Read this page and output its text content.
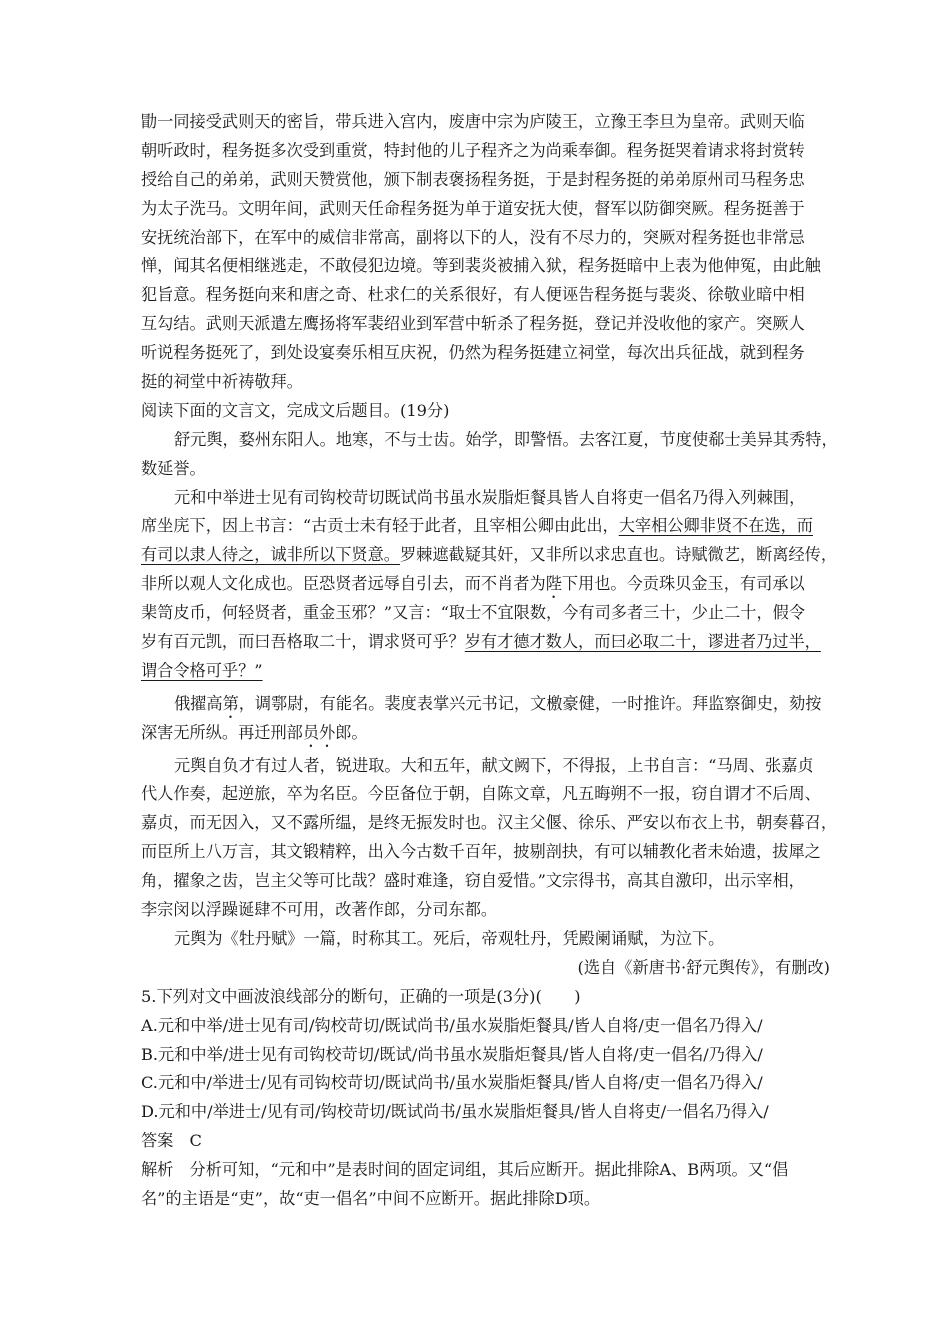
勖一同接受武则天的密旨，带兵进入宫内，废唐中宗为庐陵王，立豫王李旦为皇帝。武则天临
朝听政时，程务挺多次受到重赏，特封他的儿子程齐之为尚乘奉御。程务挺哭着请求将封赏转
授给自己的弟弟，武则天赞赏他，颁下制表褒扬程务挺，于是封程务挺的弟弟原州司马程务忠
为太子洗马。文明年间，武则天任命程务挺为单于道安抚大使，督军以防御突厥。程务挺善于
安抚统治部下，在军中的威信非常高，副将以下的人，没有不尽力的，突厥对程务挺也非常忌
惮，闻其名便相继逃走，不敢侵犯边境。等到裴炎被捕入狱，程务挺暗中上表为他伸冤，由此触
犯旨意。程务挺向来和唐之奇、杜求仁的关系很好，有人便诬告程务挺与裴炎、徐敬业暗中相
互勾结。武则天派遣左鹰扬将军裴绍业到军营中斩杀了程务挺，登记并没收他的家产。突厥人
听说程务挺死了，到处设宴奏乐相互庆祝，仍然为程务挺建立祠堂，每次出兵征战，就到程务
挺的祠堂中祈祷敬拜。
阅读下面的文言文，完成文后题目。(19分)
舒元舆，婺州东阳人。地寒，不与士齿。始学，即警悟。去客江夏，节度使郗士美异其秀特，
数延誉。
元和中举进士见有司钩校苛切既试尚书虽水炭脂炬餐具皆人自将吏一倡名乃得入列棘围，
席坐庑下，因上书言：“古贡士未有轻于此者，且宰相公卿由此出，大宰相公卿非贤不在选，而
有司以隶人待之，诚非所以下贤意。罗棘遮截疑其奸，又非所以求忠直也。诗赋微艺，断离经传，
非所以观人文化成也。臣恐贤者远辱自引去，而不肖者为陛下用也。今贡珠贝金玉，有司承以
棐笥皮币，何轻贤者，重金玉邪？”又言：“取士不宜限数，今有司多者三十，少止二十，假令
岁有百元凯，而曰吾格取二十，谓求贤可乎？岁有才德才数人，而曰必取二十，谬进者乃过半，
谓合令格可乎？”
俄擢高第，调鄠尉，有能名。裴度表掌兴元书记，文檄豪健，一时推许。拜监察御史，劾按
深害无所纵。再迁刑部员外郎。
元舆自负才有过人者，锐进取。大和五年，献文阙下，不得报，上书自言：“马周、张嘉贞
代人作奏，起逆旅，卒为名臣。今臣备位于朝，自陈文章，凡五晦朔不一报，窃自谓才不后周、
嘉贞，而无因入，又不露所缊，是终无振发时也。汉主父偃、徐乐、严安以布衣上书，朝奏暮召，
而臣所上八万言，其文锻精粹，出入今古数千百年，披剔剖抉，有可以辅教化者未始遗，拔犀之
角，擢象之齿，岂主父等可比哉？盛时难逢，窃自爱惜。”文宗得书，高其自激印，出示宰相，
李宗闵以浮躁诞肆不可用，改著作郎，分司东都。
元舆为《牡丹赋》一篇，时称其工。死后，帝观牡丹，凭殿阑诵赋，为泣下。
(选自《新唐书·舒元舆传》，有删改)
5.下列对文中画波浪线部分的断句，正确的一项是(3分)(　　)
A.元和中举/进士见有司/钩校苛切/既试尚书/虽水炭脂炬餐具/皆人自将/吏一倡名乃得入/
B.元和中举/进士见有司钩校苛切/既试/尚书虽水炭脂炬餐具/皆人自将/吏一倡名/乃得入/
C.元和中/举进士/见有司钩校苛切/既试尚书/虽水炭脂炬餐具/皆人自将/吏一倡名乃得入/
D.元和中/举进士/见有司/钩校苛切/既试尚书/虽水炭脂炬餐具/皆人自将吏/一倡名乃得入/
答案　C
解析　分析可知，“元和中”是表时间的固定词组，其后应断开。据此排除A、B两项。又“倡
名”的主语是“吏”，故“吏一倡名”中间不应断开。据此排除D项。
